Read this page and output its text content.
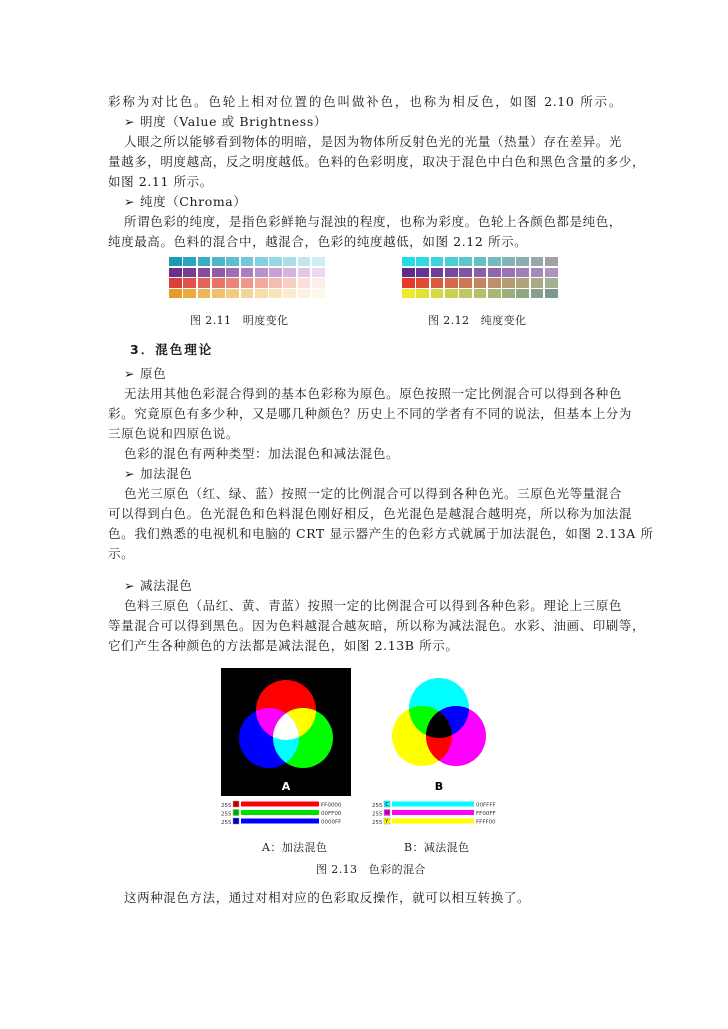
彩称为对比色。色轮上相对位置的色叫做补色，也称为相反色，如图 2.10 所示。
➢ 明度（Value 或 Brightness）
人眼之所以能够看到物体的明暗，是因为物体所反射色光的光量（热量）存在差异。光
量越多，明度越高，反之明度越低。色料的色彩明度，取决于混色中白色和黑色含量的多少，
如图 2.11 所示。
➢ 纯度（Chroma）
所谓色彩的纯度，是指色彩鲜艳与混浊的程度，也称为彩度。色轮上各颜色都是纯色，
纯度最高。色料的混合中，越混合，色彩的纯度越低，如图 2.12 所示。
图 2.11　明度变化	图 2.12　纯度变化
3．混色理论
➢ 原色
无法用其他色彩混合得到的基本色彩称为原色。原色按照一定比例混合可以得到各种色
彩。究竟原色有多少种，又是哪几种颜色？历史上不同的学者有不同的说法，但基本上分为
三原色说和四原色说。
色彩的混色有两种类型：加法混色和减法混色。
➢ 加法混色
色光三原色（红、绿、蓝）按照一定的比例混合可以得到各种色光。三原色光等量混合
可以得到白色。色光混色和色料混色刚好相反，色光混色是越混合越明亮，所以称为加法混
色。我们熟悉的电视机和电脑的 CRT 显示器产生的色彩方式就属于加法混色，如图 2.13A 所
示。
➢ 减法混色
色料三原色（品红、黄、青蓝）按照一定的比例混合可以得到各种色彩。理论上三原色
等量混合可以得到黑色。因为色料越混合越灰暗，所以称为减法混色。水彩、油画、印刷等，
它们产生各种颜色的方法都是减法混色，如图 2.13B 所示。
A
255 R	FF0000
255 G	00FF00
255 B	0000FF
B
255 C	00FFFF
255 M	FF00FF
255 Y	FFFF00
A：加法混色	B：减法混色
图 2.13　色彩的混合
这两种混色方法，通过对相对应的色彩取反操作，就可以相互转换了。
